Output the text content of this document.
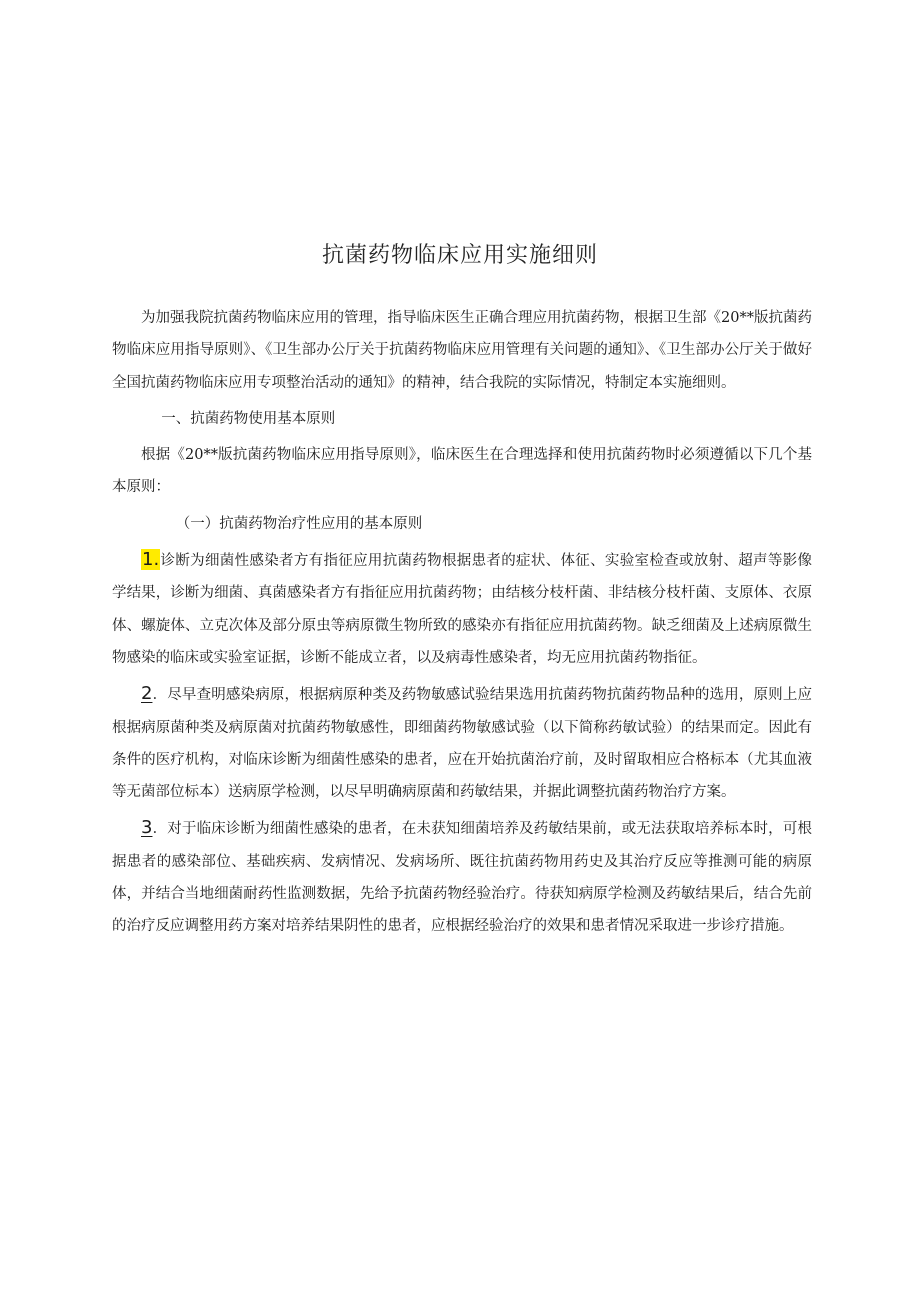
抗菌药物临床应用实施细则

为加强我院抗菌药物临床应用的管理，指导临床医生正确合理应用抗菌药物，根据卫生部《20**版抗菌药物临床应用指导原则》、《卫生部办公厅关于抗菌药物临床应用管理有关问题的通知》、《卫生部办公厅关于做好全国抗菌药物临床应用专项整治活动的通知》的精神，结合我院的实际情况，特制定本实施细则。

一、抗菌药物使用基本原则

根据《20**版抗菌药物临床应用指导原则》，临床医生在合理选择和使用抗菌药物时必须遵循以下几个基本原则：

（一）抗菌药物治疗性应用的基本原则

1.诊断为细菌性感染者方有指征应用抗菌药物根据患者的症状、体征、实验室检查或放射、超声等影像学结果，诊断为细菌、真菌感染者方有指征应用抗菌药物；由结核分枝杆菌、非结核分枝杆菌、支原体、衣原体、螺旋体、立克次体及部分原虫等病原微生物所致的感染亦有指征应用抗菌药物。缺乏细菌及上述病原微生物感染的临床或实验室证据，诊断不能成立者，以及病毒性感染者，均无应用抗菌药物指征。

2．尽早查明感染病原，根据病原种类及药物敏感试验结果选用抗菌药物抗菌药物品种的选用，原则上应根据病原菌种类及病原菌对抗菌药物敏感性，即细菌药物敏感试验（以下简称药敏试验）的结果而定。因此有条件的医疗机构，对临床诊断为细菌性感染的患者，应在开始抗菌治疗前，及时留取相应合格标本（尤其血液等无菌部位标本）送病原学检测，以尽早明确病原菌和药敏结果，并据此调整抗菌药物治疗方案。

3．对于临床诊断为细菌性感染的患者，在未获知细菌培养及药敏结果前，或无法获取培养标本时，可根据患者的感染部位、基础疾病、发病情况、发病场所、既往抗菌药物用药史及其治疗反应等推测可能的病原体，并结合当地细菌耐药性监测数据，先给予抗菌药物经验治疗。待获知病原学检测及药敏结果后，结合先前的治疗反应调整用药方案对培养结果阴性的患者，应根据经验治疗的效果和患者情况采取进一步诊疗措施。
